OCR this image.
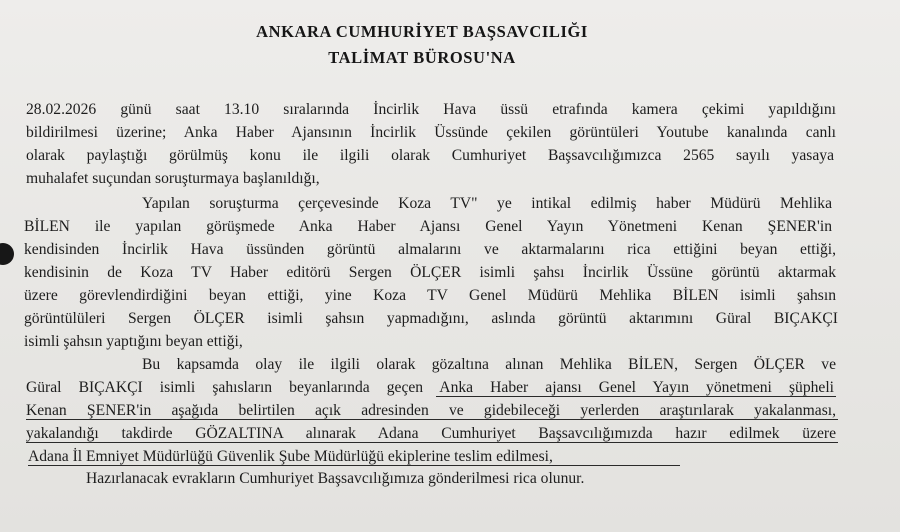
ANKARA CUMHURİYET BAŞSAVCILIĞI
TALİMAT BÜROSU'NA
28.02.2026 günü saat 13.10 sıralarında İncirlik Hava üssü etrafında kamera çekimi yapıldığını
bildirilmesi üzerine; Anka Haber Ajansının İncirlik Üssünde çekilen görüntüleri Youtube kanalında canlı
olarak paylaştığı görülmüş konu ile ilgili olarak Cumhuriyet Başsavcılığımızca 2565 sayılı yasaya
muhalafet suçundan soruşturmaya başlanıldığı,
Yapılan soruşturma çerçevesinde Koza TV" ye intikal edilmiş haber Müdürü Mehlika
BİLEN ile yapılan görüşmede Anka Haber Ajansı Genel Yayın Yönetmeni Kenan ŞENER'in
kendisinden İncirlik Hava üssünden görüntü almalarını ve aktarmalarını rica ettiğini beyan ettiği,
kendisinin de Koza TV Haber editörü Sergen ÖLÇER isimli şahsı İncirlik Üssüne görüntü aktarmak
üzere görevlendirdiğini beyan ettiği, yine Koza TV Genel Müdürü Mehlika BİLEN isimli şahsın
görüntülüleri Sergen ÖLÇER isimli şahsın yapmadığını, aslında görüntü aktarımını Güral BIÇAKÇI
isimli şahsın yaptığını beyan ettiği,
Bu kapsamda olay ile ilgili olarak gözaltına alınan Mehlika BİLEN, Sergen ÖLÇER ve
Güral BIÇAKÇI isimli şahısların beyanlarında geçen Anka Haber ajansı Genel Yayın yönetmeni şüpheli
Kenan ŞENER'in aşağıda belirtilen açık adresinden ve gidebileceği yerlerden araştırılarak yakalanması,
yakalandığı takdirde GÖZALTINA alınarak Adana Cumhuriyet Başsavcılığımızda hazır edilmek üzere
Adana İl Emniyet Müdürlüğü Güvenlik Şube Müdürlüğü ekiplerine teslim edilmesi,
Hazırlanacak evrakların Cumhuriyet Başsavcılığımıza gönderilmesi rica olunur.
